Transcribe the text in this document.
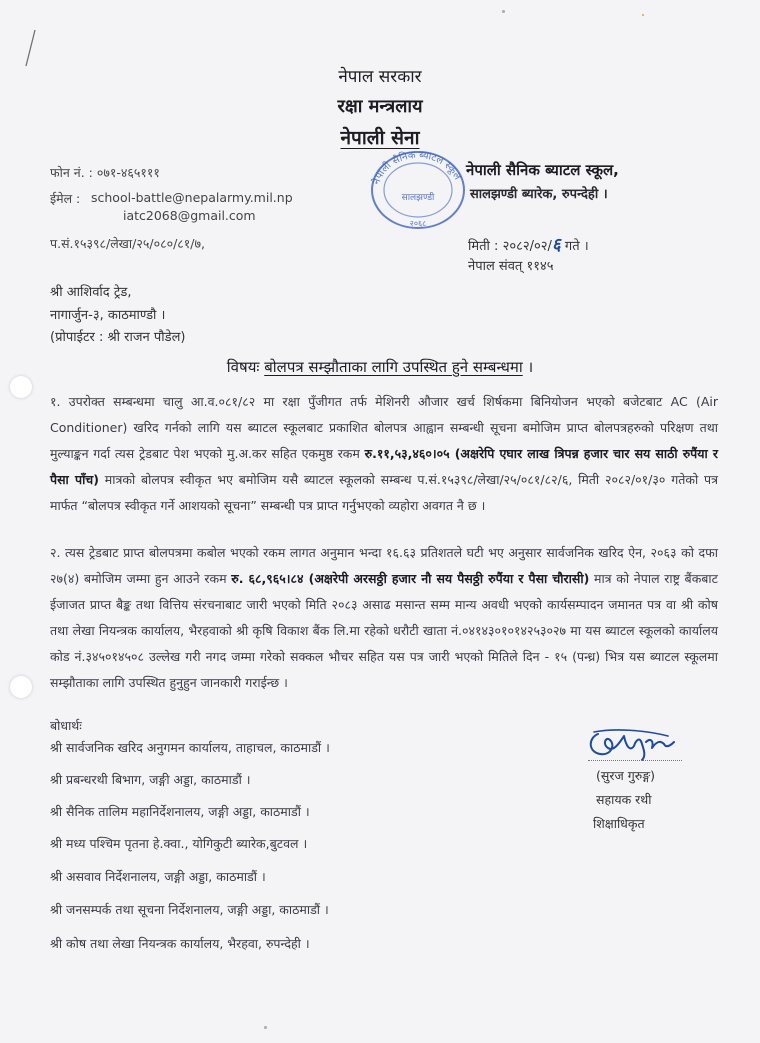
नेपाल सरकार
रक्षा मन्त्रलाय
नेपाली सेना
फोन नं. : ०७१-४६५१११
ईमेल : school-battle@nepalarmy.mil.np
iatc2068@gmail.com
प.सं.१५३९८/लेखा/२५/०८०/८१/७,
नेपाली सैनिक ब्याटल स्कूल
सालझण्डी
२०६८
नेपाली सैनिक ब्याटल स्कूल,
सालझण्डी ब्यारेक, रुपन्देही ।
मिती : २०८२/०२/६ गते ।
नेपाल संवत् ११४५
श्री आशिर्वाद ट्रेड,
नागार्जुन-३, काठमाण्डौ ।
(प्रोपाईटर : श्री राजन पौडेल)
विषयः बोलपत्र सम्झौताका लागि उपस्थित हुने सम्बन्धमा ।

१. उपरोक्त सम्बन्धमा चालु आ.व.०८१/८२ मा रक्षा पुँजीगत तर्फ मेशिनरी औजार खर्च शिर्षकमा बिनियोजन भएको बजेटबाट AC (Air Conditioner) खरिद गर्नको लागि यस ब्याटल स्कूलबाट प्रकाशित बोलपत्र आह्वान सम्बन्धी सूचना बमोजिम प्राप्त बोलपत्रहरुको परिक्षण तथा मुल्याङ्कन गर्दा त्यस ट्रेडबाट पेश भएको मु.अ.कर सहित एकमुष्ठ रकम रु.११,५३,४६०।०५ (अक्षरेपि एघार लाख त्रिपन्न हजार चार सय साठी रुपैंया र पैसा पाँच) मात्रको बोलपत्र स्वीकृत भए बमोजिम यसै ब्याटल स्कूलको सम्बन्ध प.सं.१५३९८/लेखा/२५/०८१/८२/६, मिती २०८२/०१/३० गतेको पत्र मार्फत “बोलपत्र स्वीकृत गर्ने आशयको सूचना” सम्बन्धी पत्र प्राप्त गर्नुभएको व्यहोरा अवगत नै छ ।

२. त्यस ट्रेडबाट प्राप्त बोलपत्रमा कबोल भएको रकम लागत अनुमान भन्दा १६.६३ प्रतिशतले घटी भए अनुसार सार्वजनिक खरिद ऐन, २०६३ को दफा २७(४) बमोजिम जम्मा हुन आउने रकम रु. ६८,९६५।८४ (अक्षरेपी अरसठ्ठी हजार नौ सय पैसठ्ठी रुपैंया र पैसा चौरासी) मात्र को नेपाल राष्ट्र बैंकबाट ईजाजत प्राप्त बैङ्क तथा वित्तिय संरचनाबाट जारी भएको मिति २०८३ असाढ मसान्त सम्म मान्य अवधी भएको कार्यसम्पादन जमानत पत्र वा श्री कोष तथा लेखा नियन्त्रक कार्यालय, भैरहवाको श्री कृषि विकाश बैंक लि.मा रहेको धरौटी खाता नं.०४१४३०१०१४२५३०२७ मा यस ब्याटल स्कूलको कार्यालय कोड नं.३४५०१४५०८ उल्लेख गरी नगद जम्मा गरेको सक्कल भौचर सहित यस पत्र जारी भएको मितिले दिन - १५ (पन्ध्र) भित्र यस ब्याटल स्कूलमा सम्झौताका लागि उपस्थित हुनुहुन जानकारी गराईन्छ ।

बोधार्थः
श्री सार्वजनिक खरिद अनुगमन कार्यालय, ताहाचल, काठमाडौं ।
श्री प्रबन्धरथी बिभाग, जङ्गी अड्डा, काठमाडौं ।
श्री सैनिक तालिम महानिर्देशनालय, जङ्गी अड्डा, काठमाडौं ।
श्री मध्य पश्चिम पृतना हे.क्वा., योगिकुटी ब्यारेक,बुटवल ।
श्री असवाव निर्देशनालय, जङ्गी अड्डा, काठमाडौं ।
श्री जनसम्पर्क तथा सूचना निर्देशनालय, जङ्गी अड्डा, काठमाडौं ।
श्री कोष तथा लेखा नियन्त्रक कार्यालय, भैरहवा, रुपन्देही ।
(सुरज गुरुङ्ग)
सहायक रथी
शिक्षाधिकृत
